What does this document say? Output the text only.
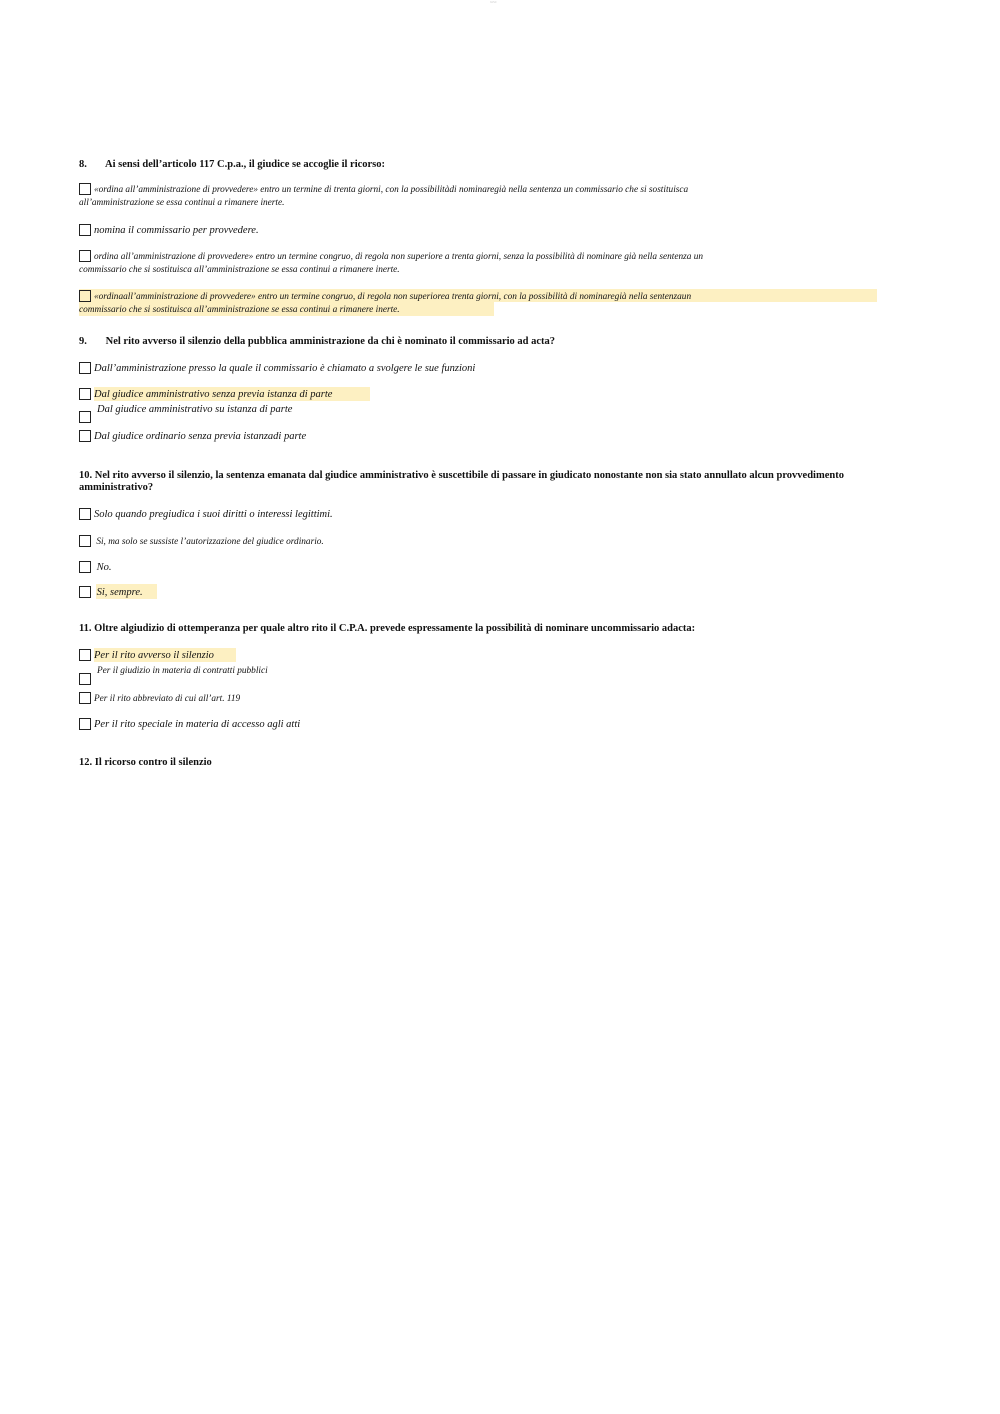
~~~~
8. Ai sensi dell’articolo 117 C.p.a., il giudice se accoglie il ricorso:
«ordina all’amministrazione di provvedere» entro un termine di trenta giorni, con la possibilitàdi nominaregià nella sentenza un commissario che si sostituisca
all’amministrazione se essa continui a rimanere inerte.
nomina il commissario per provvedere.
ordina all’amministrazione di provvedere» entro un termine congruo, di regola non superiore a trenta giorni, senza la possibilità di nominare già nella sentenza un
commissario che si sostituisca all’amministrazione se essa continui a rimanere inerte.
«ordinaall’amministrazione di provvedere» entro un termine congruo, di regola non superiorea trenta giorni, con la possibilità di nominaregià nella sentenzaun
commissario che si sostituisca all’amministrazione se essa continui a rimanere inerte.
9. Nel rito avverso il silenzio della pubblica amministrazione da chi è nominato il commissario ad acta?
Dall’amministrazione presso la quale il commissario è chiamato a svolgere le sue funzioni
Dal giudice amministrativo senza previa istanza di parte
Dal giudice amministrativo su istanza di parte
Dal giudice ordinario senza previa istanzadi parte
10. Nel rito avverso il silenzio, la sentenza emanata dal giudice amministrativo è suscettibile di passare in giudicato nonostante non sia stato annullato alcun provvedimento amministrativo?
Solo quando pregiudica i suoi diritti o interessi legittimi.
Si, ma solo se sussiste l’autorizzazione del giudice ordinario.
No.
Si, sempre.
11. Oltre algiudizio di ottemperanza per quale altro rito il C.P.A. prevede espressamente la possibilità di nominare uncommissario adacta:
Per il rito avverso il silenzio
Per il giudizio in materia di contratti pubblici
Per il rito abbreviato di cui all’art. 119
Per il rito speciale in materia di accesso agli atti
12. Il ricorso contro il silenzio
